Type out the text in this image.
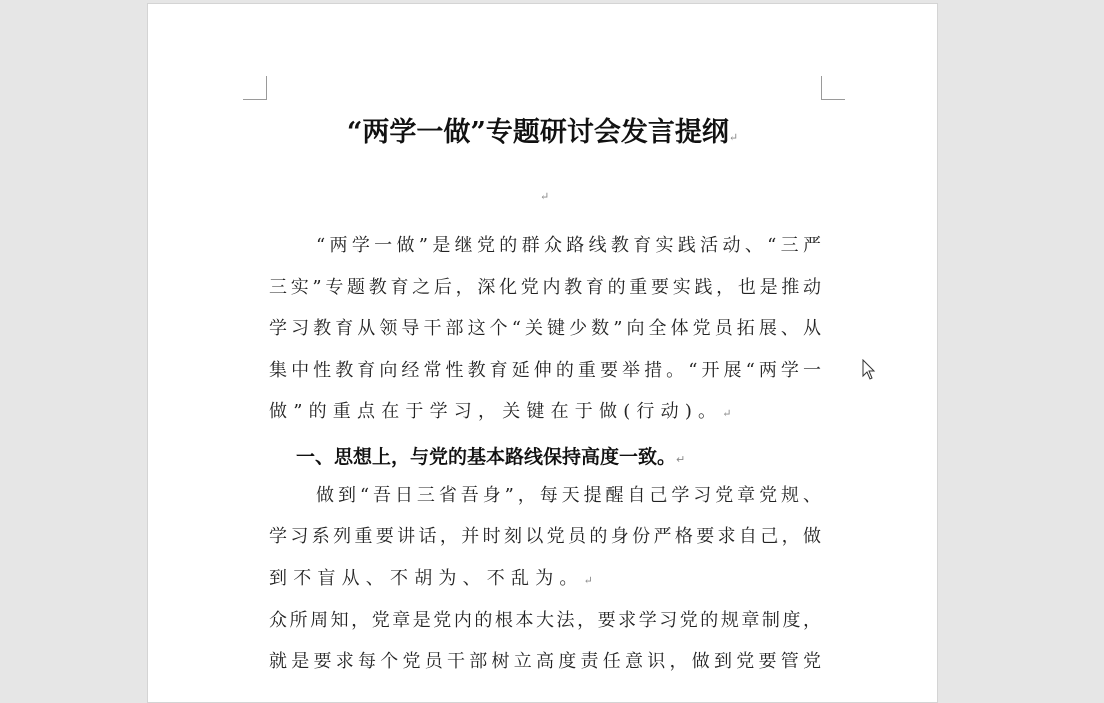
“两学一做”专题研讨会发言提纲↵
↵
“两学一做”是继党的群众路线教育实践活动、“三严
三实”专题教育之后，深化党内教育的重要实践，也是推动
学习教育从领导干部这个“关键少数”向全体党员拓展、从
集中性教育向经常性教育延伸的重要举措。“开展“两学一
做”的重点在于学习，关键在于做(行动)。↵
一、思想上，与党的基本路线保持高度一致。↵
做到“吾日三省吾身”，每天提醒自己学习党章党规、
学习系列重要讲话，并时刻以党员的身份严格要求自己，做
到不盲从、不胡为、不乱为。↵
众所周知，党章是党内的根本大法，要求学习党的规章制度，
就是要求每个党员干部树立高度责任意识，做到党要管党
